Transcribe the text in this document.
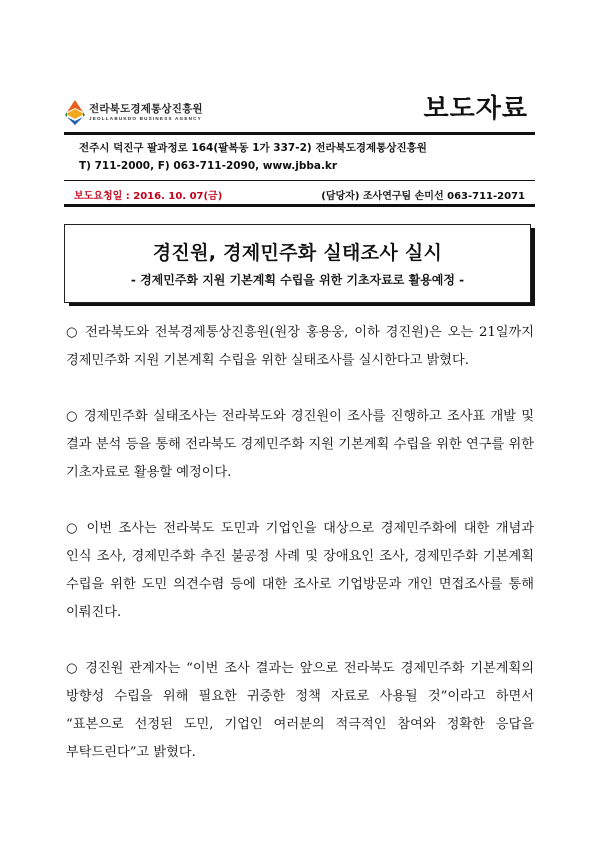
전라북도경제통상진흥원
JEOLLABUKDO BUSINESS AGENCY	보도자료
전주시 덕진구 팔과정로 164(팔복동 1가 337-2) 전라북도경제통상진흥원
T) 711-2000, F) 063-711-2090, www.jbba.kr
보도요청일 : 2016. 10. 07(금)	(담당자) 조사연구팀 손미선 063-711-2071
경진원, 경제민주화 실태조사 실시
- 경제민주화 지원 기본계획 수립을 위한 기초자료로 활용예정 -

○ 전라북도와 전북경제통상진흥원(원장 홍용웅, 이하 경진원)은 오는 21일까지 경제민주화 지원 기본계획 수립을 위한 실태조사를 실시한다고 밝혔다.

○ 경제민주화 실태조사는 전라북도와 경진원이 조사를 진행하고 조사표 개발 및 결과 분석 등을 통해 전라북도 경제민주화 지원 기본계획 수립을 위한 연구를 위한 기초자료로 활용할 예정이다.

○ 이번 조사는 전라북도 도민과 기업인을 대상으로 경제민주화에 대한 개념과 인식 조사, 경제민주화 추진 불공정 사례 및 장애요인 조사, 경제민주화 기본계획 수립을 위한 도민 의견수렴 등에 대한 조사로 기업방문과 개인 면접조사를 통해 이뤄진다.

○ 경진원 관계자는 “이번 조사 결과는 앞으로 전라북도 경제민주화 기본계획의 방향성 수립을 위해 필요한 귀중한 정책 자료로 사용될 것”이라고 하면서 “표본으로 선정된 도민, 기업인 여러분의 적극적인 참여와 정확한 응답을 부탁드린다”고 밝혔다.
